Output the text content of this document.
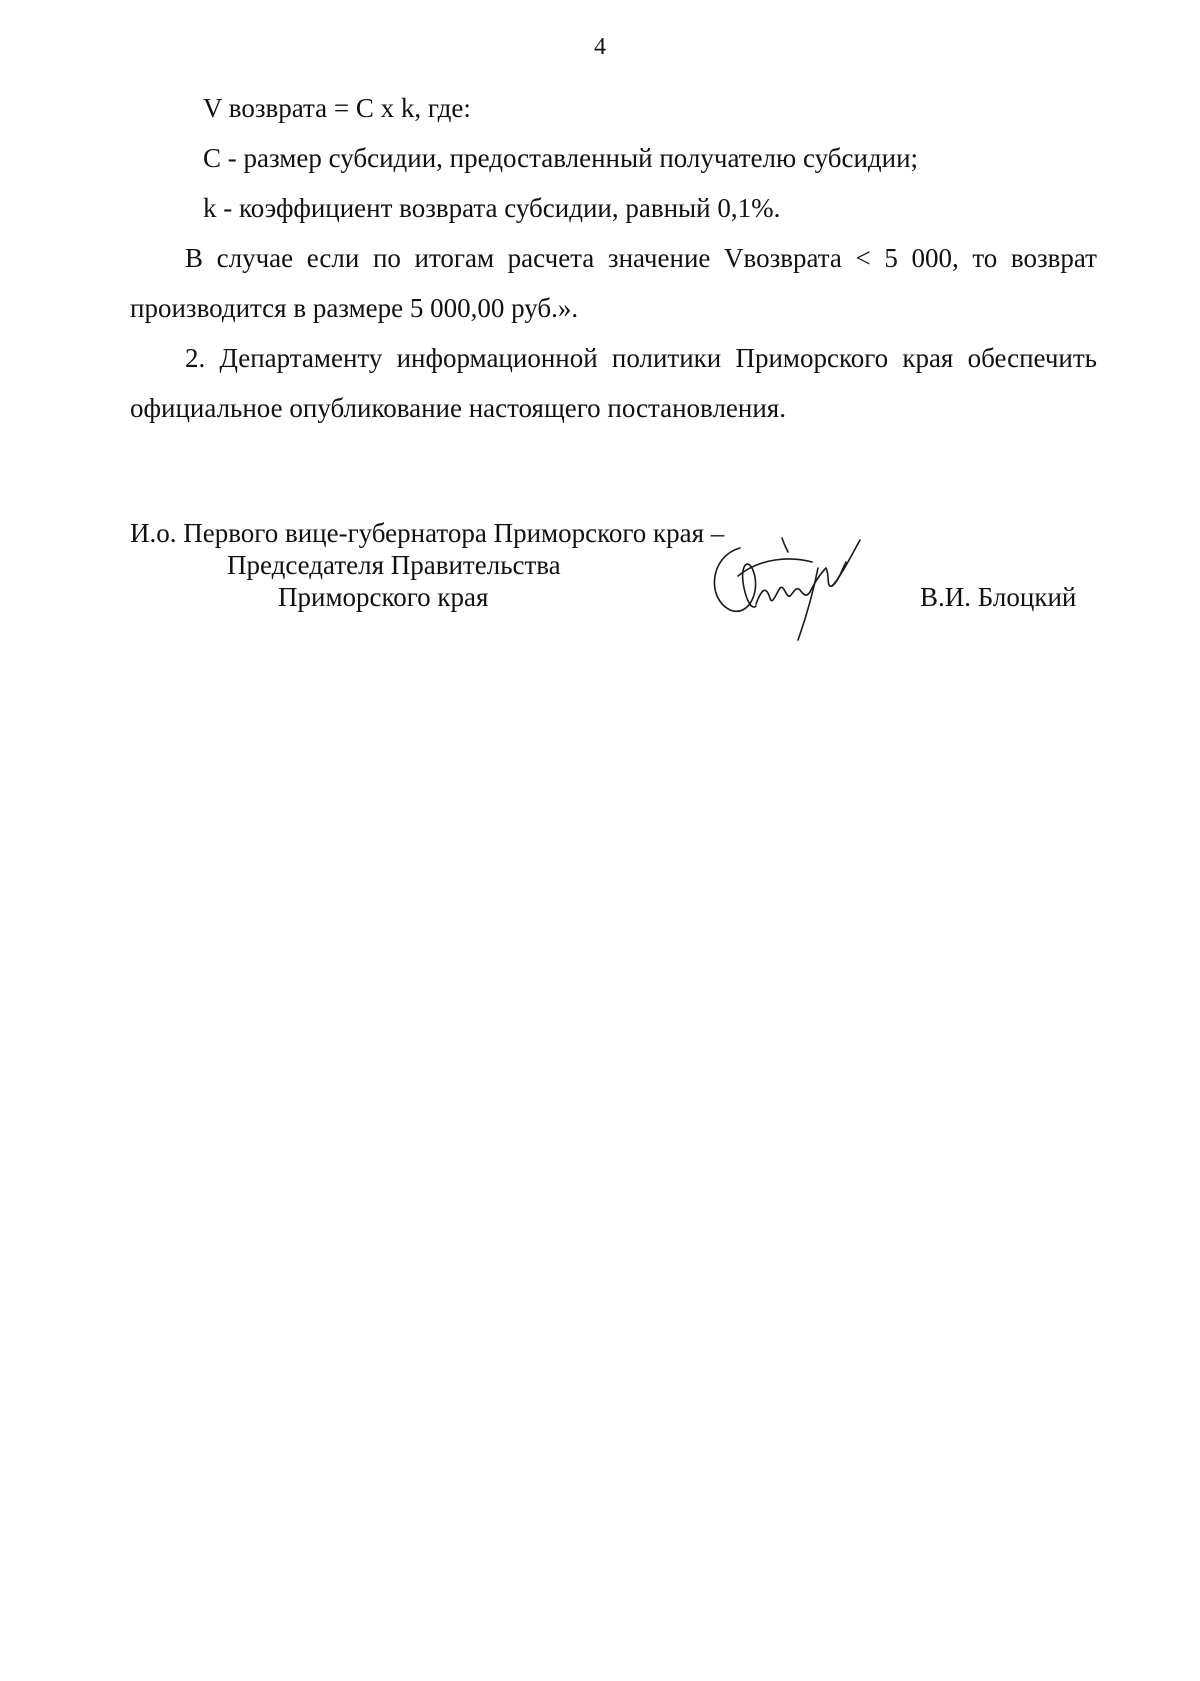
4
V возврата = С x k, где:
С - размер субсидии, предоставленный получателю субсидии;
k - коэффициент возврата субсидии, равный 0,1%.
В случае если по итогам расчета значение Vвозврата < 5 000, то возврат
производится в размере 5 000,00 руб.».
2. Департаменту информационной политики Приморского края обеспечить
официальное опубликование настоящего постановления.
И.о. Первого вице-губернатора Приморского края –
Председателя Правительства
Приморского края	В.И. Блоцкий
